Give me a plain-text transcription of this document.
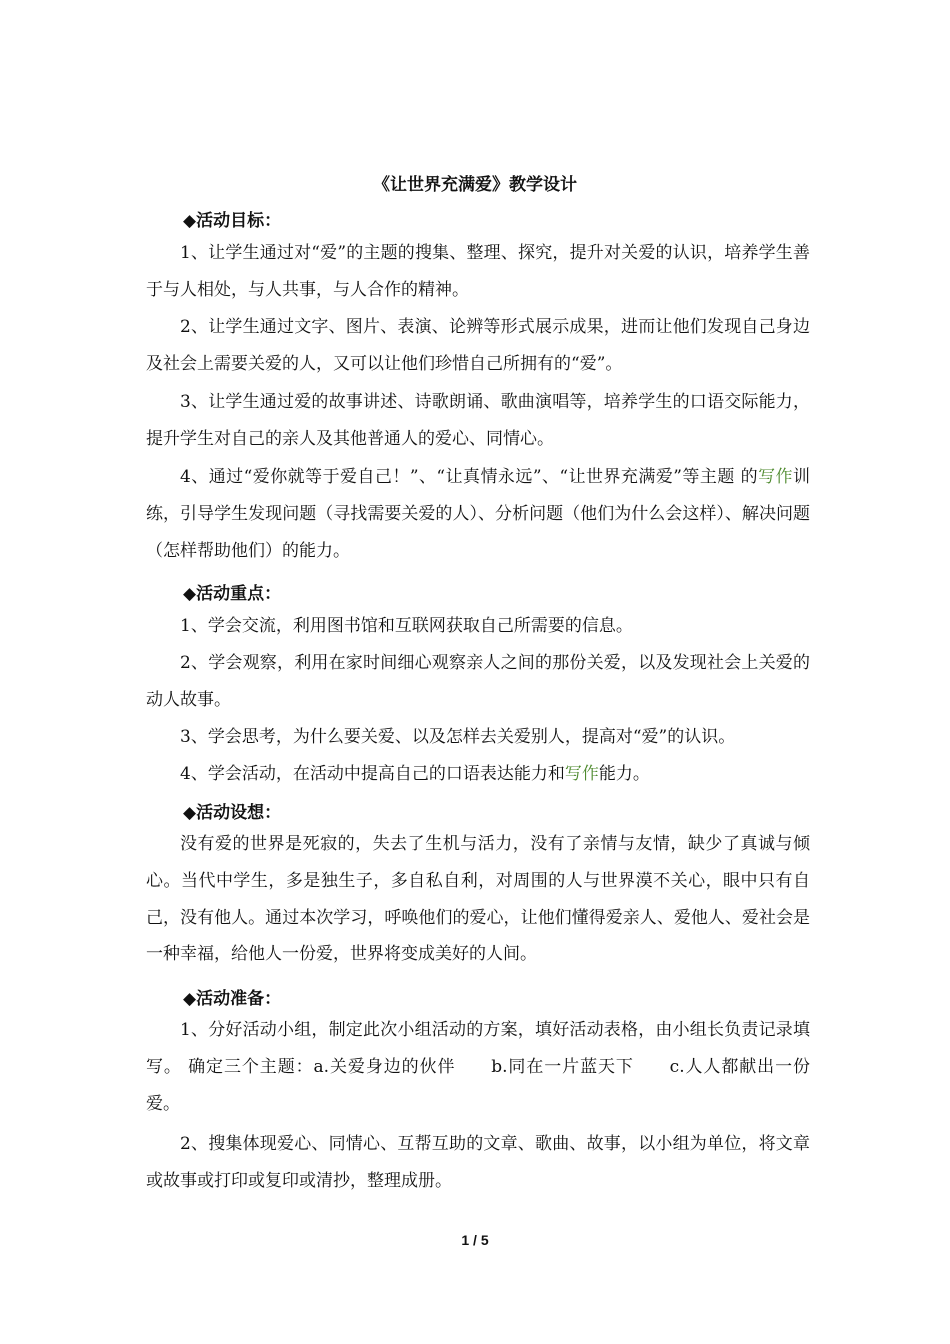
《让世界充满爱》教学设计
◆活动目标：

1、让学生通过对“爱”的主题的搜集、整理、探究，提升对关爱的认识，培养学生善于与人相处，与人共事，与人合作的精神。

2、让学生通过文字、图片、表演、论辨等形式展示成果，进而让他们发现自己身边及社会上需要关爱的人，又可以让他们珍惜自己所拥有的“爱”。

3、让学生通过爱的故事讲述、诗歌朗诵、歌曲演唱等，培养学生的口语交际能力，提升学生对自己的亲人及其他普通人的爱心、同情心。

4、通过“爱你就等于爱自己！”、“让真情永远”、“让世界充满爱”等主题 的写作训练，引导学生发现问题（寻找需要关爱的人）、分析问题（他们为什么会这样）、解决问题（怎样帮助他们）的能力。

◆活动重点：

1、学会交流，利用图书馆和互联网获取自己所需要的信息。

2、学会观察，利用在家时间细心观察亲人之间的那份关爱，以及发现社会上关爱的动人故事。

3、学会思考，为什么要关爱、以及怎样去关爱别人，提高对“爱”的认识。

4、学会活动，在活动中提高自己的口语表达能力和写作能力。

◆活动设想：

没有爱的世界是死寂的，失去了生机与活力，没有了亲情与友情，缺少了真诚与倾心。当代中学生，多是独生子，多自私自利，对周围的人与世界漠不关心，眼中只有自己，没有他人。通过本次学习，呼唤他们的爱心，让他们懂得爱亲人、爱他人、爱社会是一种幸福，给他人一份爱，世界将变成美好的人间。

◆活动准备：

1、分好活动小组，制定此次小组活动的方案，填好活动表格，由小组长负责记录填写。 确定三个主题：a.关爱身边的伙伴　　b.同在一片蓝天下　　c.人人都献出一份爱。

2、搜集体现爱心、同情心、互帮互助的文章、歌曲、故事，以小组为单位，将文章或故事或打印或复印或清抄，整理成册。

1 / 5
